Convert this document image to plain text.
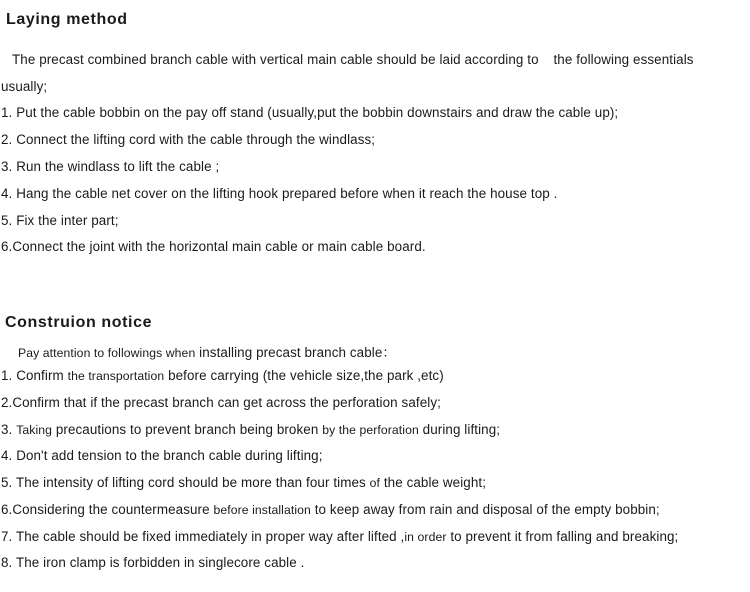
Laying method

The precast combined branch cable with vertical main cable should be laid according to the following essentials

usually;

1. Put the cable bobbin on the pay off stand (usually,put the bobbin downstairs and draw the cable up);

2. Connect the lifting cord with the cable through the windlass;

3. Run the windlass to lift the cable ;

4. Hang the cable net cover on the lifting hook prepared before when it reach the house top .

5. Fix the inter part;

6.Connect the joint with the horizontal main cable or main cable board.

Construion notice

Pay attention to followings when installing precast branch cable：

1. Confirm the transportation before carrying (the vehicle size,the park ,etc)

2.Confirm that if the precast branch can get across the perforation safely;

3. Taking precautions to prevent branch being broken by the perforation during lifting;

4. Don't add tension to the branch cable during lifting;

5. The intensity of lifting cord should be more than four times of the cable weight;

6.Considering the countermeasure before installation to keep away from rain and disposal of the empty bobbin;

7. The cable should be fixed immediately in proper way after lifted ,in order to prevent it from falling and breaking;

8. The iron clamp is forbidden in singlecore cable .
